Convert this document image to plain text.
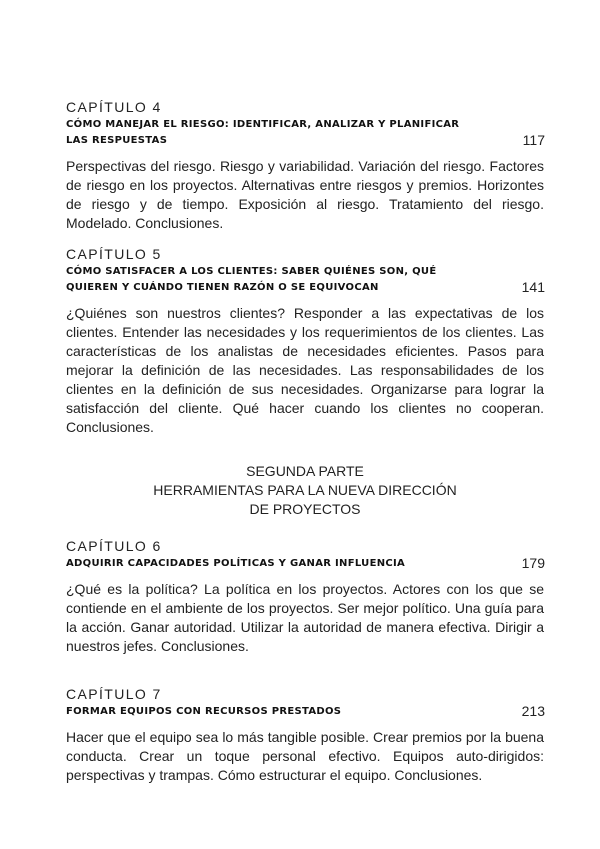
CAPÍTULO 4
CÓMO MANEJAR EL RIESGO: IDENTIFICAR, ANALIZAR Y PLANIFICAR LAS RESPUESTAS	117
Perspectivas del riesgo. Riesgo y variabilidad. Variación del riesgo. Factores de riesgo en los proyectos. Alternativas entre riesgos y premios. Horizontes de riesgo y de tiempo. Exposición al riesgo. Tratamiento del riesgo. Modelado. Conclusiones.
CAPÍTULO 5
CÓMO SATISFACER A LOS CLIENTES: SABER QUIÉNES SON, QUÉ QUIEREN Y CUÁNDO TIENEN RAZÓN O SE EQUIVOCAN	141
¿Quiénes son nuestros clientes? Responder a las expectativas de los clientes. Entender las necesidades y los requerimientos de los clientes. Las características de los analistas de necesidades eficientes. Pasos para mejorar la definición de las necesidades. Las responsabilidades de los clientes en la definición de sus necesidades. Organizarse para lograr la satisfacción del cliente. Qué hacer cuando los clientes no cooperan. Conclusiones.
SEGUNDA PARTE
HERRAMIENTAS PARA LA NUEVA DIRECCIÓN
DE PROYECTOS
CAPÍTULO 6
ADQUIRIR CAPACIDADES POLÍTICAS Y GANAR INFLUENCIA	179
¿Qué es la política? La política en los proyectos. Actores con los que se contiende en el ambiente de los proyectos. Ser mejor político. Una guía para la acción. Ganar autoridad. Utilizar la autoridad de manera efectiva. Dirigir a nuestros jefes. Conclusiones.
CAPÍTULO 7
FORMAR EQUIPOS CON RECURSOS PRESTADOS	213
Hacer que el equipo sea lo más tangible posible. Crear premios por la buena conducta. Crear un toque personal efectivo. Equipos auto-dirigidos: perspectivas y trampas. Cómo estructurar el equipo. Conclusiones.
